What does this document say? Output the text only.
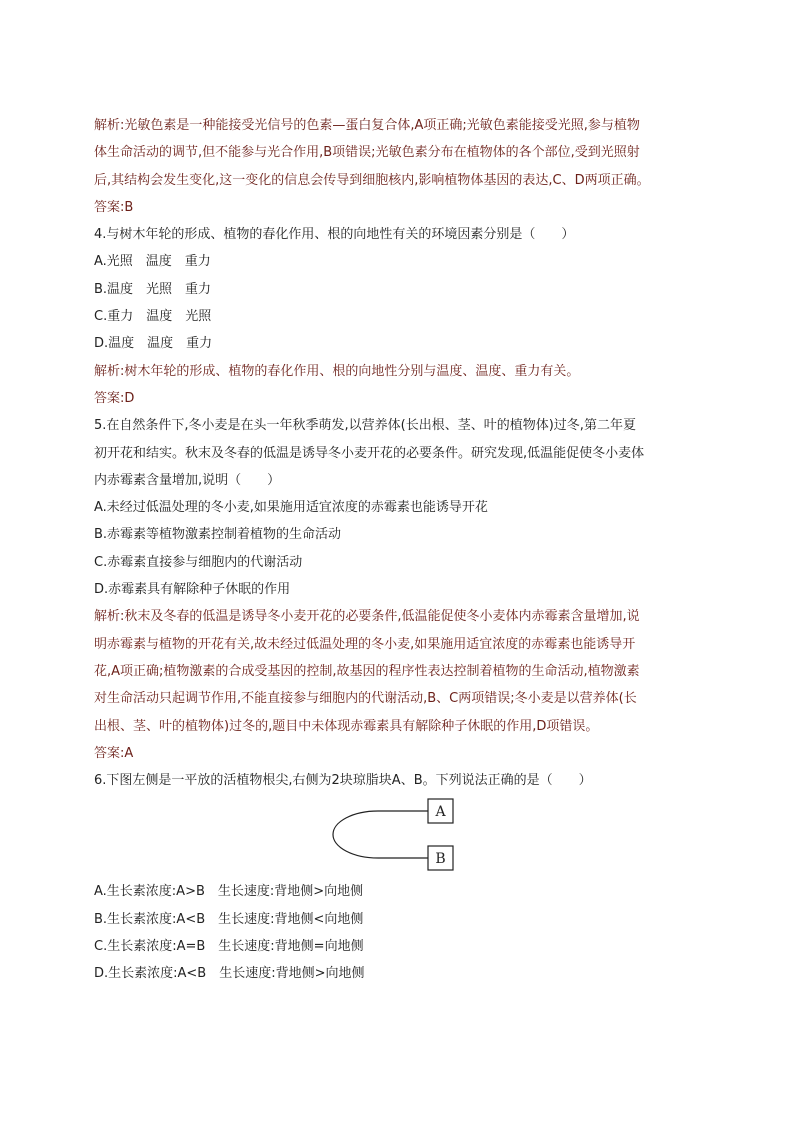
解析:光敏色素是一种能接受光信号的色素—蛋白复合体,A项正确;光敏色素能接受光照,参与植物
体生命活动的调节,但不能参与光合作用,B项错误;光敏色素分布在植物体的各个部位,受到光照射
后,其结构会发生变化,这一变化的信息会传导到细胞核内,影响植物体基因的表达,C、D两项正确。
答案:B
4.与树木年轮的形成、植物的春化作用、根的向地性有关的环境因素分别是（　　）
A.光照　温度　重力
B.温度　光照　重力
C.重力　温度　光照
D.温度　温度　重力
解析:树木年轮的形成、植物的春化作用、根的向地性分别与温度、温度、重力有关。
答案:D
5.在自然条件下,冬小麦是在头一年秋季萌发,以营养体(长出根、茎、叶的植物体)过冬,第二年夏
初开花和结实。秋末及冬春的低温是诱导冬小麦开花的必要条件。研究发现,低温能促使冬小麦体
内赤霉素含量增加,说明（　　）
A.未经过低温处理的冬小麦,如果施用适宜浓度的赤霉素也能诱导开花
B.赤霉素等植物激素控制着植物的生命活动
C.赤霉素直接参与细胞内的代谢活动
D.赤霉素具有解除种子休眠的作用
解析:秋末及冬春的低温是诱导冬小麦开花的必要条件,低温能促使冬小麦体内赤霉素含量增加,说
明赤霉素与植物的开花有关,故未经过低温处理的冬小麦,如果施用适宜浓度的赤霉素也能诱导开
花,A项正确;植物激素的合成受基因的控制,故基因的程序性表达控制着植物的生命活动,植物激素
对生命活动只起调节作用,不能直接参与细胞内的代谢活动,B、C两项错误;冬小麦是以营养体(长
出根、茎、叶的植物体)过冬的,题目中未体现赤霉素具有解除种子休眠的作用,D项错误。
答案:A
6.下图左侧是一平放的活植物根尖,右侧为2块琼脂块A、B。下列说法正确的是（　　）
A
B
A.生长素浓度:A>B　生长速度:背地侧>向地侧
B.生长素浓度:A<B　生长速度:背地侧<向地侧
C.生长素浓度:A=B　生长速度:背地侧=向地侧
D.生长素浓度:A<B　生长速度:背地侧>向地侧
